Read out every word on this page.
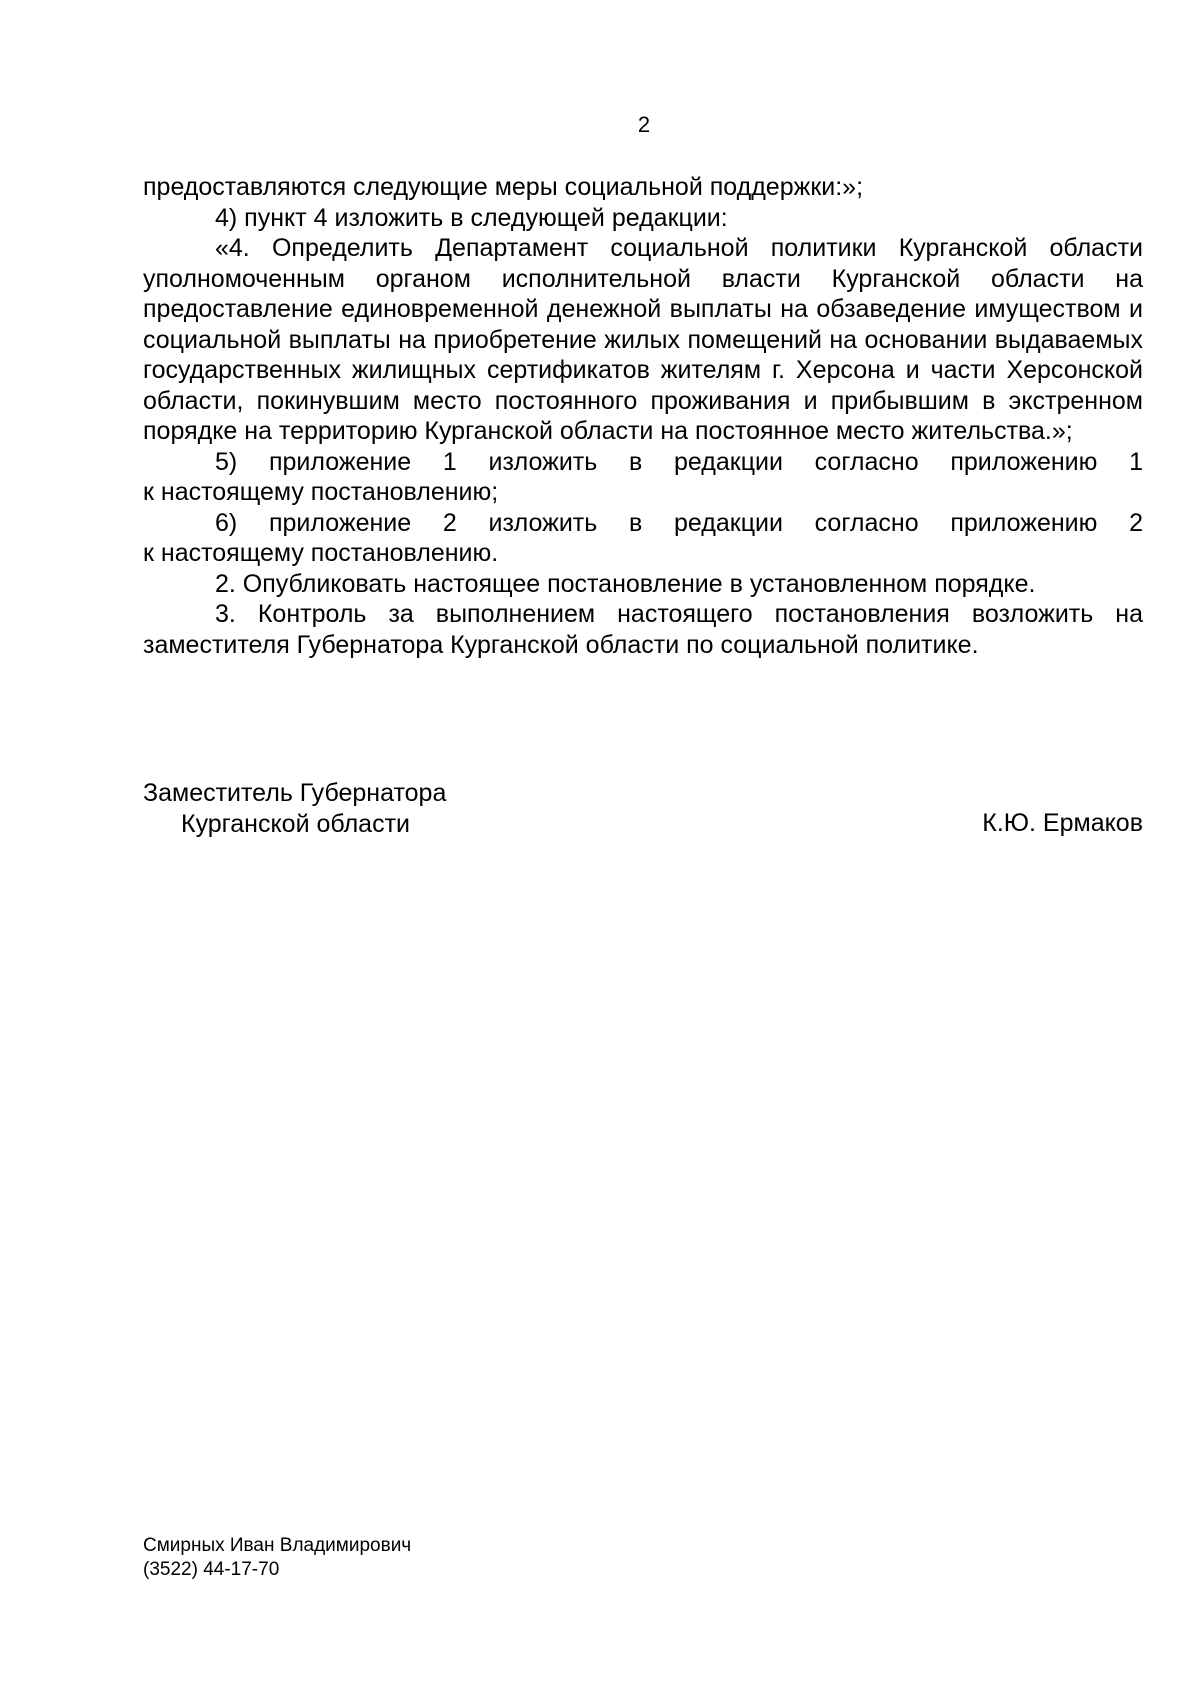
2

предоставляются следующие меры социальной поддержки:»;

4) пункт 4 изложить в следующей редакции:

«4. Определить Департамент социальной политики Курганской области уполномоченным органом исполнительной власти Курганской области на предоставление единовременной денежной выплаты на обзаведение имуществом и социальной выплаты на приобретение жилых помещений на основании выдаваемых государственных жилищных сертификатов жителям г. Херсона и части Херсонской области, покинувшим место постоянного проживания и прибывшим в экстренном порядке на территорию Курганской области на постоянное место жительства.»;

5) приложение 1 изложить в редакции согласно приложению 1
к настоящему постановлению;

6) приложение 2 изложить в редакции согласно приложению 2
к настоящему постановлению.

2. Опубликовать настоящее постановление в установленном порядке.

3. Контроль за выполнением настоящего постановления возложить на заместителя Губернатора Курганской области по социальной политике.

Заместитель Губернатора
Курганской области	К.Ю. Ермаков
Смирных Иван Владимирович
(3522) 44-17-70
